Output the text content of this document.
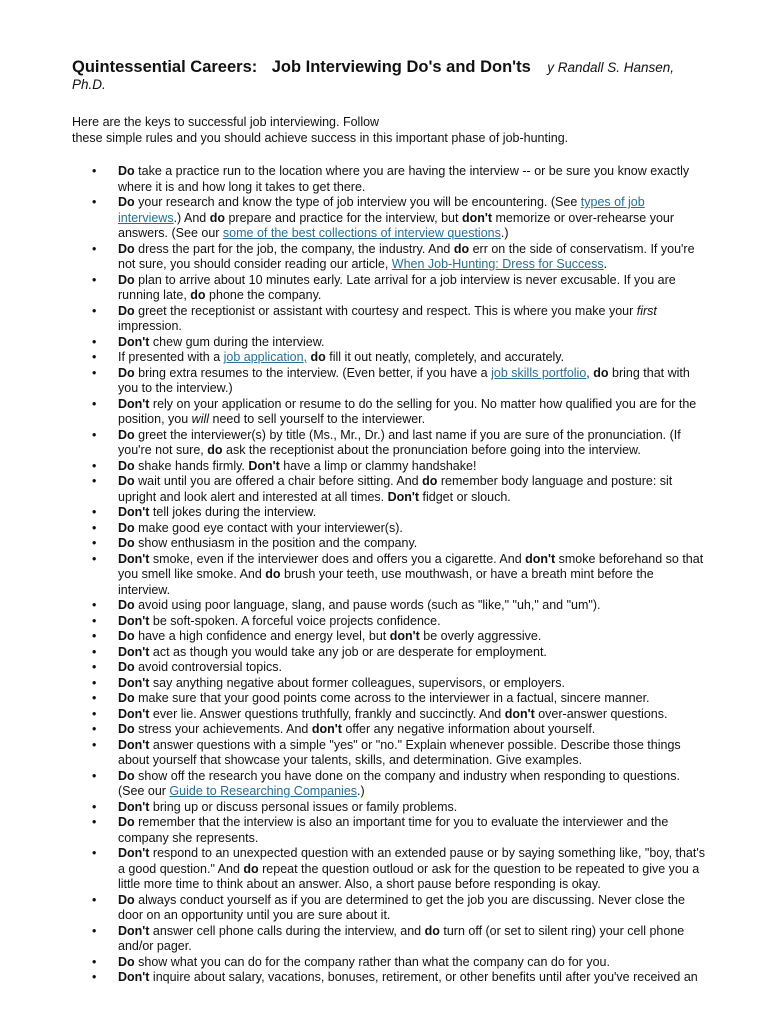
Quintessential Careers: Job Interviewing Do's and Don'ts y Randall S. Hansen,
Ph.D.
Here are the keys to successful job interviewing. Follow
these simple rules and you should achieve success in this important phase of job-hunting.
• Do take a practice run to the location where you are having the interview -- or be sure you know exactly where it is and how long it takes to get there.
• Do your research and know the type of job interview you will be encountering. (See types of job interviews.) And do prepare and practice for the interview, but don't memorize or over-rehearse your answers. (See our some of the best collections of interview questions.)
• Do dress the part for the job, the company, the industry. And do err on the side of conservatism. If you're not sure, you should consider reading our article, When Job-Hunting: Dress for Success.
• Do plan to arrive about 10 minutes early. Late arrival for a job interview is never excusable. If you are running late, do phone the company.
• Do greet the receptionist or assistant with courtesy and respect. This is where you make your first impression.
• Don't chew gum during the interview.
• If presented with a job application, do fill it out neatly, completely, and accurately.
• Do bring extra resumes to the interview. (Even better, if you have a job skills portfolio, do bring that with you to the interview.)
• Don't rely on your application or resume to do the selling for you. No matter how qualified you are for the position, you will need to sell yourself to the interviewer.
• Do greet the interviewer(s) by title (Ms., Mr., Dr.) and last name if you are sure of the pronunciation. (If you're not sure, do ask the receptionist about the pronunciation before going into the interview.
• Do shake hands firmly. Don't have a limp or clammy handshake!
• Do wait until you are offered a chair before sitting. And do remember body language and posture: sit upright and look alert and interested at all times. Don't fidget or slouch.
• Don't tell jokes during the interview.
• Do make good eye contact with your interviewer(s).
• Do show enthusiasm in the position and the company.
• Don't smoke, even if the interviewer does and offers you a cigarette. And don't smoke beforehand so that you smell like smoke. And do brush your teeth, use mouthwash, or have a breath mint before the interview.
• Do avoid using poor language, slang, and pause words (such as "like," "uh," and "um").
• Don't be soft-spoken. A forceful voice projects confidence.
• Do have a high confidence and energy level, but don't be overly aggressive.
• Don't act as though you would take any job or are desperate for employment.
• Do avoid controversial topics.
• Don't say anything negative about former colleagues, supervisors, or employers.
• Do make sure that your good points come across to the interviewer in a factual, sincere manner.
• Don't ever lie. Answer questions truthfully, frankly and succinctly. And don't over-answer questions.
• Do stress your achievements. And don't offer any negative information about yourself.
• Don't answer questions with a simple "yes" or "no." Explain whenever possible. Describe those things about yourself that showcase your talents, skills, and determination. Give examples.
• Do show off the research you have done on the company and industry when responding to questions. (See our Guide to Researching Companies.)
• Don't bring up or discuss personal issues or family problems.
• Do remember that the interview is also an important time for you to evaluate the interviewer and the company she represents.
• Don't respond to an unexpected question with an extended pause or by saying something like, "boy, that's a good question." And do repeat the question outloud or ask for the question to be repeated to give you a little more time to think about an answer. Also, a short pause before responding is okay.
• Do always conduct yourself as if you are determined to get the job you are discussing. Never close the door on an opportunity until you are sure about it.
• Don't answer cell phone calls during the interview, and do turn off (or set to silent ring) your cell phone and/or pager.
• Do show what you can do for the company rather than what the company can do for you.
• Don't inquire about salary, vacations, bonuses, retirement, or other benefits until after you've received an
